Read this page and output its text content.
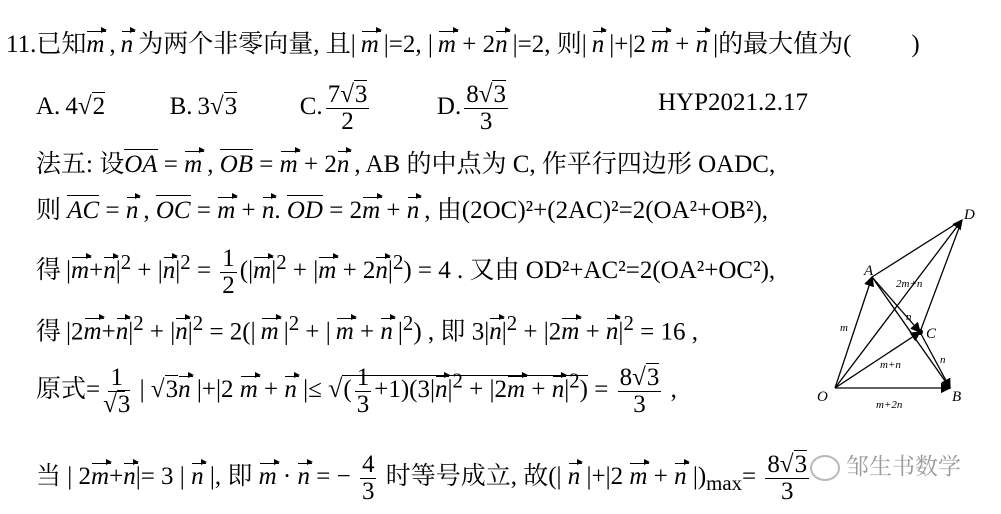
11.已知m , n  为两个非零向量, 且|  m  |=2, |  m + 2n  |=2, 则|  n  |+|2  m + n  |的最大值为( )
A.  4√2	B.  3√3	C. $\frac{7√3}{2}$	D. $\frac{8√3}{3}$	HYP2021.2.17
法五: 设OA = m , OB = m + 2n , AB 的中点为 C, 作平行四边形 OADC,
则 AC = n , OC = m + n. OD = 2m + n , 由(2OC)²+(2AC)²=2(OA²+OB²),
得 $|m+n|^2 + |n|^2 = \frac{1}{2} (|m|^2 + |m + 2n|^2) = 4$ . 又由 OD²+AC²=2(OA²+OC²),
得 $|2m+n|^2 + |n|^2 = 2(|$ m $|^2$ + | m + n $|^2$) , 即 $3|n|^2 + |2m + n|^2 = 16$ ,
原式= $\frac{1}{√3}$ | √3n |+|2 m + n |≤ √( $\frac{1}{3} +1)(3|n|^2 + |2m + n|^2) = \frac{8√3}{3}$ ,
当 | 2m+n|= 3 | n |, 即 m · n = − $\frac{4}{3}$ 时等号成立, 故(| n |+|2 m + n $|)_{max}= \frac{8√3}{3}$
O
A
B
C
D
m
2m+n
n
m+n	n
m+2n
邹生书数学
